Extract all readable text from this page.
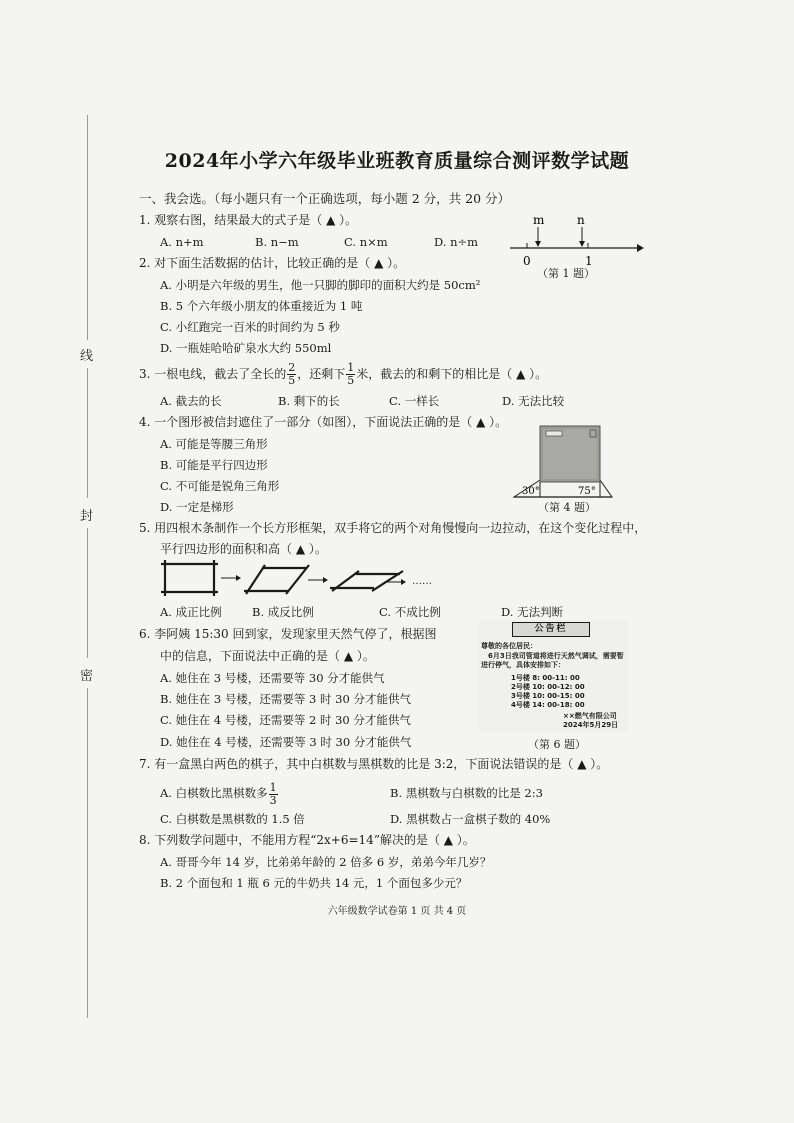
线
封
密
2024年小学六年级毕业班教育质量综合测评数学试题
一、我会选。（每小题只有一个正确选项，每小题 2 分，共 20 分）
1. 观察右图，结果最大的式子是（ ▲ ）。
A. n+m	B. n−m	C. n×m	D. n÷m
m	n
0	1
（第 1 题）
2. 对下面生活数据的估计，比较正确的是（ ▲ ）。
A. 小明是六年级的男生，他一只脚的脚印的面积大约是 50cm²
B. 5 个六年级小朋友的体重接近为 1 吨
C. 小红跑完一百米的时间约为 5 秒
D. 一瓶娃哈哈矿泉水大约 550ml
3. 一根电线，截去了全长的 $\frac{2}{5}$ ，还剩下 $\frac{1}{5}$ 米，截去的和剩下的相比是（ ▲ ）。
A. 截去的长	B. 剩下的长	C. 一样长	D. 无法比较
4. 一个图形被信封遮住了一部分（如图），下面说法正确的是（ ▲ ）。
A. 可能是等腰三角形
B. 可能是平行四边形
C. 不可能是锐角三角形
D. 一定是梯形
30°	75°
（第 4 题）
5. 用四根木条制作一个长方形框架，双手将它的两个对角慢慢向一边拉动，在这个变化过程中，
平行四边形的面积和高（ ▲ ）。
……
A. 成正比例	B. 成反比例	C. 不成比例	D. 无法判断
6. 李阿姨 15:30 回到家，发现家里天然气停了，根据图
中的信息，下面说法中正确的是（ ▲ ）。
A. 她住在 3 号楼，还需要等 30 分才能供气
B. 她住在 3 号楼，还需要等 3 时 30 分才能供气
C. 她住在 4 号楼，还需要等 2 时 30 分才能供气
D. 她住在 4 号楼，还需要等 3 时 30 分才能供气
公告栏
尊敬的各位居民：
6月3日我司管道将进行天然气调试，需要暂
进行停气，具体安排如下：
1号楼 8: 00-11: 00
2号楼 10: 00-12: 00
3号楼 10: 00-15: 00
4号楼 14: 00-18: 00
××燃气有限公司
2024年5月29日
（第 6 题）
7. 有一盒黑白两色的棋子，其中白棋数与黑棋数的比是 3:2，下面说法错误的是（ ▲ ）。
A. 白棋数比黑棋数多 $\frac{1}{3}$	B. 黑棋数与白棋数的比是 2:3
C. 白棋数是黑棋数的 1.5 倍	D. 黑棋数占一盒棋子数的 40%
8. 下列数学问题中，不能用方程“2x+6=14”解决的是（ ▲ ）。
A. 哥哥今年 14 岁，比弟弟年龄的 2 倍多 6 岁，弟弟今年几岁？
B. 2 个面包和 1 瓶 6 元的牛奶共 14 元，1 个面包多少元？
六年级数学试卷第 1 页 共 4 页
